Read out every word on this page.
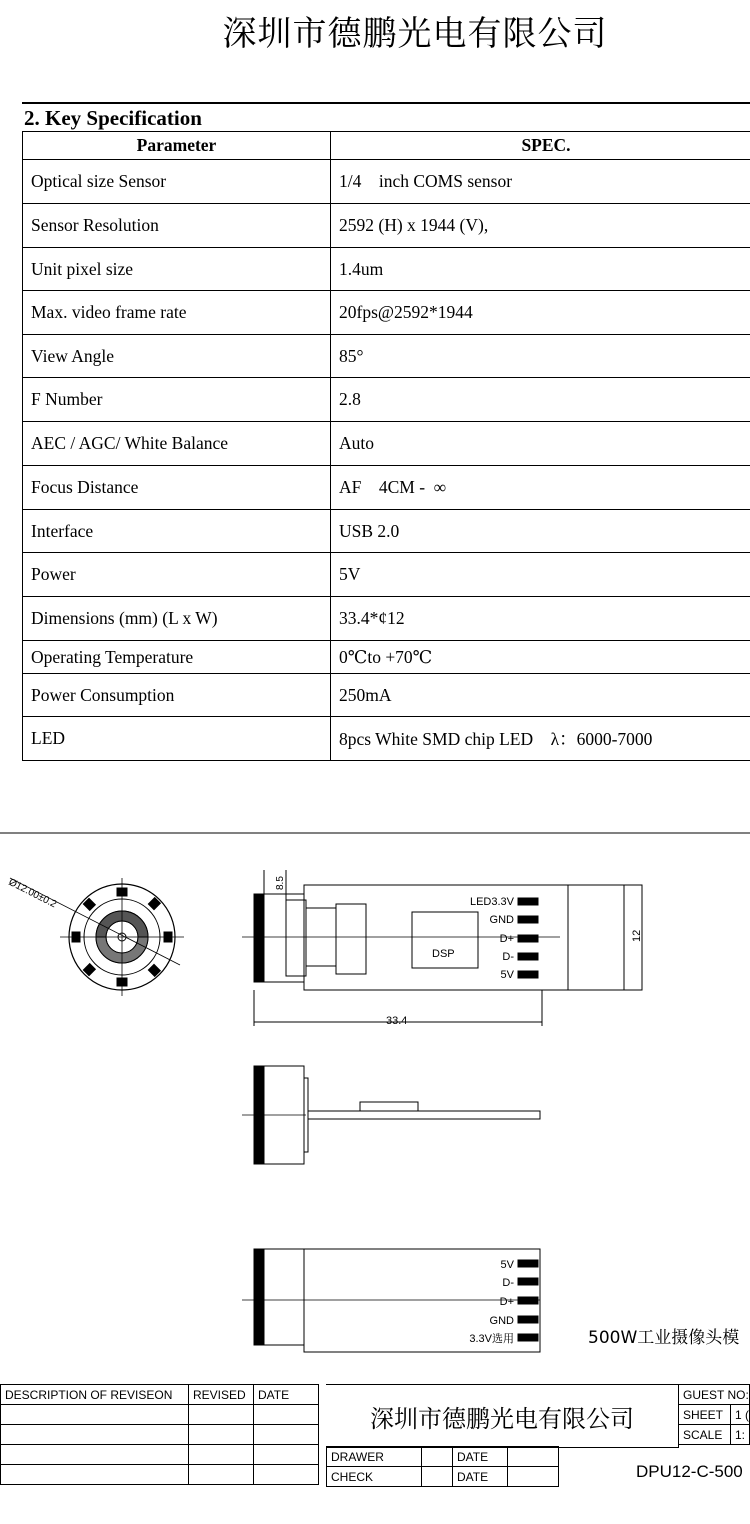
深圳市德鹏光电有限公司
2. Key Specification
Parameter	SPEC.
Optical size Sensor	1/4    inch COMS sensor
Sensor Resolution	2592 (H) x 1944 (V),
Unit pixel size	1.4um
Max. video frame rate	20fps@2592*1944
View Angle	85°
F Number	2.8
AEC / AGC/ White Balance	Auto
Focus Distance	AF    4CM -  ∞
Interface	USB 2.0
Power	5V
Dimensions (mm) (L x W)	33.4*¢12
Operating Temperature	0℃to +70℃
Power Consumption	250mA
LED	8pcs White SMD chip LED    λ：6000-7000
Ø12.00±0.2	8.5
12
33.4
DSP
LED3.3V
GND
D+
D-
5V
5V
D-
D+
GND
3.3V选用	500W工业摄像头模
DESCRIPTION OF REVISEON	REVISED	DATE

深圳市德鹏光电有限公司
GUEST NO:	
SHEET	1 (
SCALE	1:
DRAWER		DATE	
CHECK		DATE		DPU12-C-500
